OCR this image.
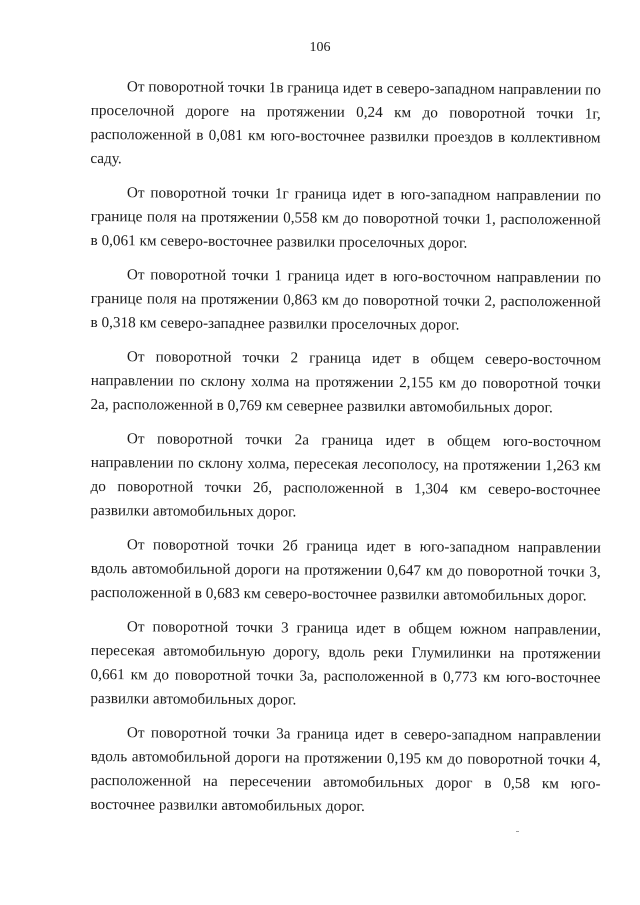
106

От поворотной точки 1в граница идет в северо-западном направлении по проселочной дороге на протяжении 0,24 км до поворотной точки 1г, расположенной в 0,081 км юго-восточнее развилки проездов в коллективном саду.

От поворотной точки 1г граница идет в юго-западном направлении по границе поля на протяжении 0,558 км до поворотной точки 1, расположенной в 0,061 км северо-восточнее развилки проселочных дорог.

От поворотной точки 1 граница идет в юго-восточном направлении по границе поля на протяжении 0,863 км до поворотной точки 2, расположенной в 0,318 км северо-западнее развилки проселочных дорог.

От поворотной точки 2 граница идет в общем северо-восточном направлении по склону холма на протяжении 2,155 км до поворотной точки 2а, расположенной в 0,769 км севернее развилки автомобильных дорог.

От поворотной точки 2а граница идет в общем юго-восточном направлении по склону холма, пересекая лесополосу, на протяжении 1,263 км до поворотной точки 2б, расположенной в 1,304 км северо-восточнее развилки автомобильных дорог.

От поворотной точки 2б граница идет в юго-западном направлении вдоль автомобильной дороги на протяжении 0,647 км до поворотной точки 3, расположенной в 0,683 км северо-восточнее развилки автомобильных дорог.

От поворотной точки 3 граница идет в общем южном направлении, пересекая автомобильную дорогу, вдоль реки Глумилинки на протяжении 0,661 км до поворотной точки 3а, расположенной в 0,773 км юго-восточнее развилки автомобильных дорог.

От поворотной точки 3а граница идет в северо-западном направлении вдоль автомобильной дороги на протяжении 0,195 км до поворотной точки 4, расположенной на пересечении автомобильных дорог в 0,58 км юго-восточнее развилки автомобильных дорог.
